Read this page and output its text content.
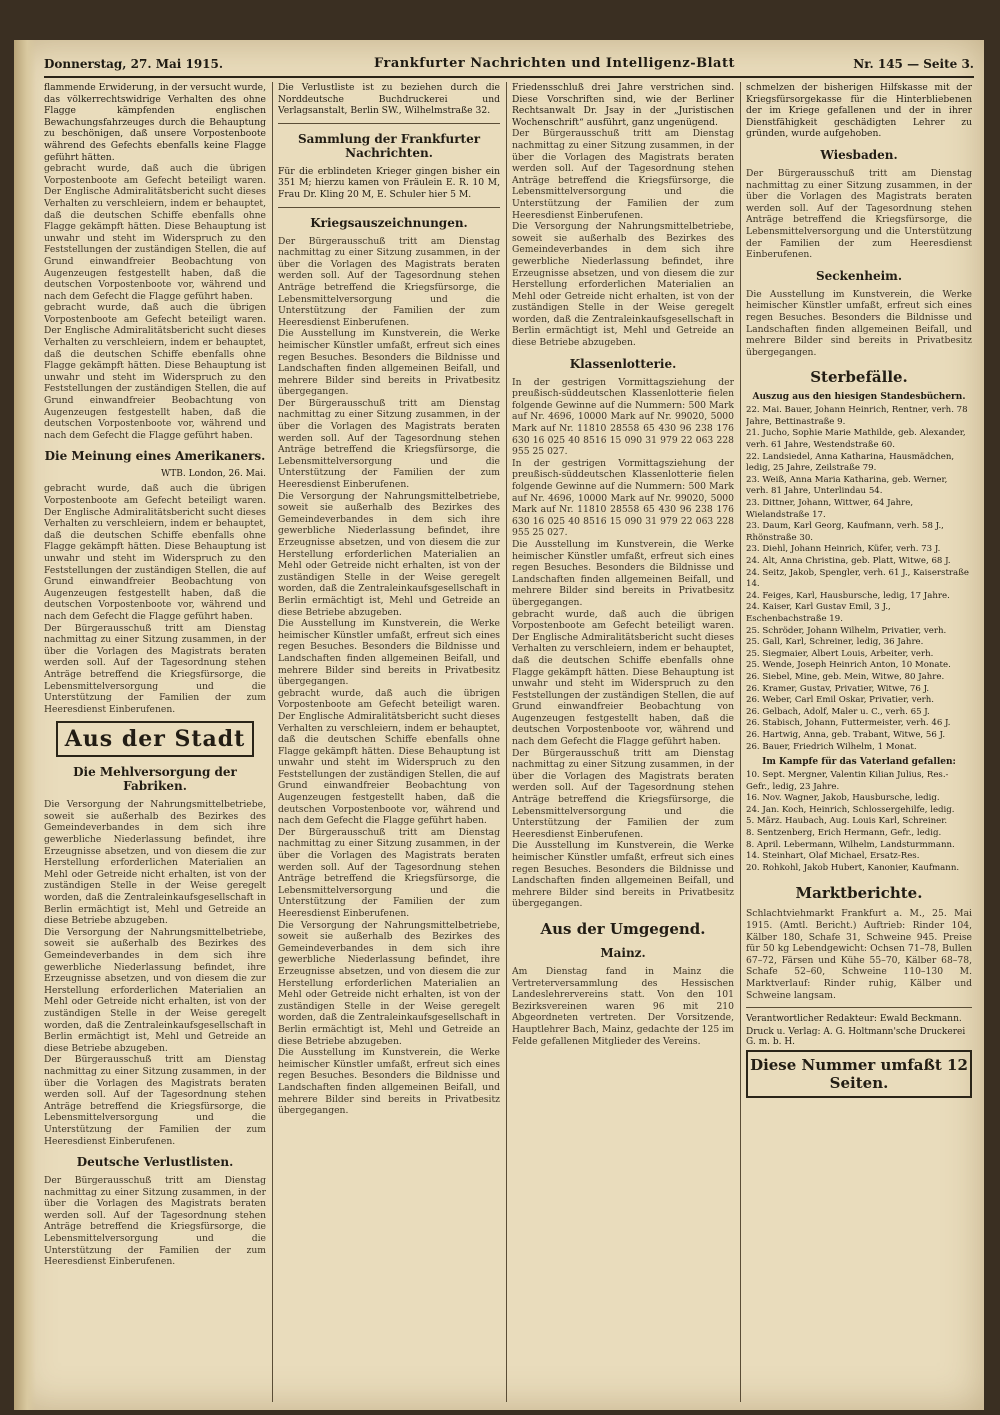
Donnerstag, 27. Mai 1915.	Frankfurter Nachrichten und Intelligenz-Blatt	Nr. 145 — Seite 3.

flammende Erwiderung, in der versucht wurde, das völkerrechtswidrige Verhalten des ohne Flagge kämpfenden englischen Bewachungsfahrzeuges durch die Behauptung zu beschönigen, daß unsere Vorpostenboote während des Gefechts ebenfalls keine Flagge geführt hätten.

gebracht wurde, daß auch die übrigen Vorpostenboote am Gefecht beteiligt waren. Der Englische Admiralitätsbericht sucht dieses Verhalten zu verschleiern, indem er behauptet, daß die deutschen Schiffe ebenfalls ohne Flagge gekämpft hätten. Diese Behauptung ist unwahr und steht im Widerspruch zu den Feststellungen der zuständigen Stellen, die auf Grund einwandfreier Beobachtung von Augenzeugen festgestellt haben, daß die deutschen Vorpostenboote vor, während und nach dem Gefecht die Flagge geführt haben.

gebracht wurde, daß auch die übrigen Vorpostenboote am Gefecht beteiligt waren. Der Englische Admiralitätsbericht sucht dieses Verhalten zu verschleiern, indem er behauptet, daß die deutschen Schiffe ebenfalls ohne Flagge gekämpft hätten. Diese Behauptung ist unwahr und steht im Widerspruch zu den Feststellungen der zuständigen Stellen, die auf Grund einwandfreier Beobachtung von Augenzeugen festgestellt haben, daß die deutschen Vorpostenboote vor, während und nach dem Gefecht die Flagge geführt haben.

Die Meinung eines Amerikaners.
WTB. London, 26. Mai.

gebracht wurde, daß auch die übrigen Vorpostenboote am Gefecht beteiligt waren. Der Englische Admiralitätsbericht sucht dieses Verhalten zu verschleiern, indem er behauptet, daß die deutschen Schiffe ebenfalls ohne Flagge gekämpft hätten. Diese Behauptung ist unwahr und steht im Widerspruch zu den Feststellungen der zuständigen Stellen, die auf Grund einwandfreier Beobachtung von Augenzeugen festgestellt haben, daß die deutschen Vorpostenboote vor, während und nach dem Gefecht die Flagge geführt haben.

Der Bürgerausschuß tritt am Dienstag nachmittag zu einer Sitzung zusammen, in der über die Vorlagen des Magistrats beraten werden soll. Auf der Tagesordnung stehen Anträge betreffend die Kriegsfürsorge, die Lebensmittelversorgung und die Unterstützung der Familien der zum Heeresdienst Einberufenen.

Aus der Stadt
Die Mehlversorgung der Fabriken.

Die Versorgung der Nahrungsmittelbetriebe, soweit sie außerhalb des Bezirkes des Gemeindeverbandes in dem sich ihre gewerbliche Niederlassung befindet, ihre Erzeugnisse absetzen, und von diesem die zur Herstellung erforderlichen Materialien an Mehl oder Getreide nicht erhalten, ist von der zuständigen Stelle in der Weise geregelt worden, daß die Zentraleinkaufsgesellschaft in Berlin ermächtigt ist, Mehl und Getreide an diese Betriebe abzugeben.

Die Versorgung der Nahrungsmittelbetriebe, soweit sie außerhalb des Bezirkes des Gemeindeverbandes in dem sich ihre gewerbliche Niederlassung befindet, ihre Erzeugnisse absetzen, und von diesem die zur Herstellung erforderlichen Materialien an Mehl oder Getreide nicht erhalten, ist von der zuständigen Stelle in der Weise geregelt worden, daß die Zentraleinkaufsgesellschaft in Berlin ermächtigt ist, Mehl und Getreide an diese Betriebe abzugeben.

Der Bürgerausschuß tritt am Dienstag nachmittag zu einer Sitzung zusammen, in der über die Vorlagen des Magistrats beraten werden soll. Auf der Tagesordnung stehen Anträge betreffend die Kriegsfürsorge, die Lebensmittelversorgung und die Unterstützung der Familien der zum Heeresdienst Einberufenen.

Deutsche Verlustlisten.

Der Bürgerausschuß tritt am Dienstag nachmittag zu einer Sitzung zusammen, in der über die Vorlagen des Magistrats beraten werden soll. Auf der Tagesordnung stehen Anträge betreffend die Kriegsfürsorge, die Lebensmittelversorgung und die Unterstützung der Familien der zum Heeresdienst Einberufenen.

Die Verlustliste ist zu beziehen durch die Norddeutsche Buchdruckerei und Verlagsanstalt, Berlin SW., Wilhelmstraße 32.

Sammlung der Frankfurter Nachrichten.

Für die erblindeten Krieger gingen bisher ein 351 M; hierzu kamen von Fräulein E. R. 10 M, Frau Dr. Kling 20 M, E. Schuler hier 5 M.

Kriegsauszeichnungen.

Der Bürgerausschuß tritt am Dienstag nachmittag zu einer Sitzung zusammen, in der über die Vorlagen des Magistrats beraten werden soll. Auf der Tagesordnung stehen Anträge betreffend die Kriegsfürsorge, die Lebensmittelversorgung und die Unterstützung der Familien der zum Heeresdienst Einberufenen.

Die Ausstellung im Kunstverein, die Werke heimischer Künstler umfaßt, erfreut sich eines regen Besuches. Besonders die Bildnisse und Landschaften finden allgemeinen Beifall, und mehrere Bilder sind bereits in Privatbesitz übergegangen.

Der Bürgerausschuß tritt am Dienstag nachmittag zu einer Sitzung zusammen, in der über die Vorlagen des Magistrats beraten werden soll. Auf der Tagesordnung stehen Anträge betreffend die Kriegsfürsorge, die Lebensmittelversorgung und die Unterstützung der Familien der zum Heeresdienst Einberufenen.

Die Versorgung der Nahrungsmittelbetriebe, soweit sie außerhalb des Bezirkes des Gemeindeverbandes in dem sich ihre gewerbliche Niederlassung befindet, ihre Erzeugnisse absetzen, und von diesem die zur Herstellung erforderlichen Materialien an Mehl oder Getreide nicht erhalten, ist von der zuständigen Stelle in der Weise geregelt worden, daß die Zentraleinkaufsgesellschaft in Berlin ermächtigt ist, Mehl und Getreide an diese Betriebe abzugeben.

Die Ausstellung im Kunstverein, die Werke heimischer Künstler umfaßt, erfreut sich eines regen Besuches. Besonders die Bildnisse und Landschaften finden allgemeinen Beifall, und mehrere Bilder sind bereits in Privatbesitz übergegangen.

gebracht wurde, daß auch die übrigen Vorpostenboote am Gefecht beteiligt waren. Der Englische Admiralitätsbericht sucht dieses Verhalten zu verschleiern, indem er behauptet, daß die deutschen Schiffe ebenfalls ohne Flagge gekämpft hätten. Diese Behauptung ist unwahr und steht im Widerspruch zu den Feststellungen der zuständigen Stellen, die auf Grund einwandfreier Beobachtung von Augenzeugen festgestellt haben, daß die deutschen Vorpostenboote vor, während und nach dem Gefecht die Flagge geführt haben.

Der Bürgerausschuß tritt am Dienstag nachmittag zu einer Sitzung zusammen, in der über die Vorlagen des Magistrats beraten werden soll. Auf der Tagesordnung stehen Anträge betreffend die Kriegsfürsorge, die Lebensmittelversorgung und die Unterstützung der Familien der zum Heeresdienst Einberufenen.

Die Versorgung der Nahrungsmittelbetriebe, soweit sie außerhalb des Bezirkes des Gemeindeverbandes in dem sich ihre gewerbliche Niederlassung befindet, ihre Erzeugnisse absetzen, und von diesem die zur Herstellung erforderlichen Materialien an Mehl oder Getreide nicht erhalten, ist von der zuständigen Stelle in der Weise geregelt worden, daß die Zentraleinkaufsgesellschaft in Berlin ermächtigt ist, Mehl und Getreide an diese Betriebe abzugeben.

Die Ausstellung im Kunstverein, die Werke heimischer Künstler umfaßt, erfreut sich eines regen Besuches. Besonders die Bildnisse und Landschaften finden allgemeinen Beifall, und mehrere Bilder sind bereits in Privatbesitz übergegangen.

Friedensschluß drei Jahre verstrichen sind. Diese Vorschriften sind, wie der Berliner Rechtsanwalt Dr. Jsay in der „Juristischen Wochenschrift“ ausführt, ganz ungenügend.

Der Bürgerausschuß tritt am Dienstag nachmittag zu einer Sitzung zusammen, in der über die Vorlagen des Magistrats beraten werden soll. Auf der Tagesordnung stehen Anträge betreffend die Kriegsfürsorge, die Lebensmittelversorgung und die Unterstützung der Familien der zum Heeresdienst Einberufenen.

Die Versorgung der Nahrungsmittelbetriebe, soweit sie außerhalb des Bezirkes des Gemeindeverbandes in dem sich ihre gewerbliche Niederlassung befindet, ihre Erzeugnisse absetzen, und von diesem die zur Herstellung erforderlichen Materialien an Mehl oder Getreide nicht erhalten, ist von der zuständigen Stelle in der Weise geregelt worden, daß die Zentraleinkaufsgesellschaft in Berlin ermächtigt ist, Mehl und Getreide an diese Betriebe abzugeben.

Klassenlotterie.

In der gestrigen Vormittagsziehung der preußisch-süddeutschen Klassenlotterie fielen folgende Gewinne auf die Nummern: 500 Mark auf Nr. 4696, 10000 Mark auf Nr. 99020, 5000 Mark auf Nr. 11810 28558 65 430 96 238 176 630 16 025 40 8516 15 090 31 979 22 063 228 955 25 027.

In der gestrigen Vormittagsziehung der preußisch-süddeutschen Klassenlotterie fielen folgende Gewinne auf die Nummern: 500 Mark auf Nr. 4696, 10000 Mark auf Nr. 99020, 5000 Mark auf Nr. 11810 28558 65 430 96 238 176 630 16 025 40 8516 15 090 31 979 22 063 228 955 25 027.

Die Ausstellung im Kunstverein, die Werke heimischer Künstler umfaßt, erfreut sich eines regen Besuches. Besonders die Bildnisse und Landschaften finden allgemeinen Beifall, und mehrere Bilder sind bereits in Privatbesitz übergegangen.

gebracht wurde, daß auch die übrigen Vorpostenboote am Gefecht beteiligt waren. Der Englische Admiralitätsbericht sucht dieses Verhalten zu verschleiern, indem er behauptet, daß die deutschen Schiffe ebenfalls ohne Flagge gekämpft hätten. Diese Behauptung ist unwahr und steht im Widerspruch zu den Feststellungen der zuständigen Stellen, die auf Grund einwandfreier Beobachtung von Augenzeugen festgestellt haben, daß die deutschen Vorpostenboote vor, während und nach dem Gefecht die Flagge geführt haben.

Der Bürgerausschuß tritt am Dienstag nachmittag zu einer Sitzung zusammen, in der über die Vorlagen des Magistrats beraten werden soll. Auf der Tagesordnung stehen Anträge betreffend die Kriegsfürsorge, die Lebensmittelversorgung und die Unterstützung der Familien der zum Heeresdienst Einberufenen.

Die Ausstellung im Kunstverein, die Werke heimischer Künstler umfaßt, erfreut sich eines regen Besuches. Besonders die Bildnisse und Landschaften finden allgemeinen Beifall, und mehrere Bilder sind bereits in Privatbesitz übergegangen.

Aus der Umgegend.
Mainz.

Am Dienstag fand in Mainz die Vertreterversammlung des Hessischen Landeslehrervereins statt. Von den 101 Bezirksvereinen waren 96 mit 210 Abgeordneten vertreten. Der Vorsitzende, Hauptlehrer Bach, Mainz, gedachte der 125 im Felde gefallenen Mitglieder des Vereins.

schmelzen der bisherigen Hilfskasse mit der Kriegsfürsorgekasse für die Hinterbliebenen der im Kriege gefallenen und der in ihrer Dienstfähigkeit geschädigten Lehrer zu gründen, wurde aufgehoben.

Wiesbaden.

Der Bürgerausschuß tritt am Dienstag nachmittag zu einer Sitzung zusammen, in der über die Vorlagen des Magistrats beraten werden soll. Auf der Tagesordnung stehen Anträge betreffend die Kriegsfürsorge, die Lebensmittelversorgung und die Unterstützung der Familien der zum Heeresdienst Einberufenen.

Seckenheim.

Die Ausstellung im Kunstverein, die Werke heimischer Künstler umfaßt, erfreut sich eines regen Besuches. Besonders die Bildnisse und Landschaften finden allgemeinen Beifall, und mehrere Bilder sind bereits in Privatbesitz übergegangen.

Sterbefälle.
Auszug aus den hiesigen Standesbüchern.

22. Mai. Bauer, Johann Heinrich, Rentner, verh. 78 Jahre, Bettinastraße 9.

21. Jucho, Sophie Marie Mathilde, geb. Alexander, verh. 61 Jahre, Westendstraße 60.

22. Landsiedel, Anna Katharina, Hausmädchen, ledig, 25 Jahre, Zeilstraße 79.

23. Weiß, Anna Maria Katharina, geb. Werner, verh. 81 Jahre, Unterlindau 54.

23. Dittner, Johann, Wittwer, 64 Jahre, Wielandstraße 17.

23. Daum, Karl Georg, Kaufmann, verh. 58 J., Rhönstraße 30.

23. Diehl, Johann Heinrich, Küfer, verh. 73 J.

24. Alt, Anna Christina, geb. Platt, Witwe, 68 J.

24. Seitz, Jakob, Spengler, verh. 61 J., Kaiserstraße 14.

24. Feiges, Karl, Hausbursche, ledig, 17 Jahre.

24. Kaiser, Karl Gustav Emil, 3 J., Eschenbachstraße 19.

25. Schröder, Johann Wilhelm, Privatier, verh.

25. Gall, Karl, Schreiner, ledig, 36 Jahre.

25. Siegmaier, Albert Louis, Arbeiter, verh.

25. Wende, Joseph Heinrich Anton, 10 Monate.

26. Siebel, Mine, geb. Mein, Witwe, 80 Jahre.

26. Kramer, Gustav, Privatier, Witwe, 76 J.

26. Weber, Carl Emil Oskar, Privatier, verh.

26. Gelbach, Adolf, Maler u. C., verh. 65 J.

26. Stabisch, Johann, Futtermeister, verh. 46 J.

26. Hartwig, Anna, geb. Trabant, Witwe, 56 J.

26. Bauer, Friedrich Wilhelm, 1 Monat.

Im Kampfe für das Vaterland gefallen:

10. Sept. Mergner, Valentin Kilian Julius, Res.-Gefr., ledig, 23 Jahre.

16. Nov. Wagner, Jakob, Hausbursche, ledig.

24. Jan. Koch, Heinrich, Schlossergehilfe, ledig.

5. März. Haubach, Aug. Louis Karl, Schreiner.

8. Sentzenberg, Erich Hermann, Gefr., ledig.

8. April. Lebermann, Wilhelm, Landsturmmann.

14. Steinhart, Olaf Michael, Ersatz-Res.

20. Rohkohl, Jakob Hubert, Kanonier, Kaufmann.

Marktberichte.

Schlachtviehmarkt Frankfurt a. M., 25. Mai 1915. (Amtl. Bericht.) Auftrieb: Rinder 104, Kälber 180, Schafe 31, Schweine 945. Preise für 50 kg Lebendgewicht: Ochsen 71–78, Bullen 67–72, Färsen und Kühe 55–70, Kälber 68–78, Schafe 52–60, Schweine 110–130 M. Marktverlauf: Rinder ruhig, Kälber und Schweine langsam.

Verantwortlicher Redakteur: Ewald Beckmann.
Druck u. Verlag: A. G. Holtmann'sche Druckerei G. m. b. H.
Diese Nummer umfaßt 12 Seiten.
